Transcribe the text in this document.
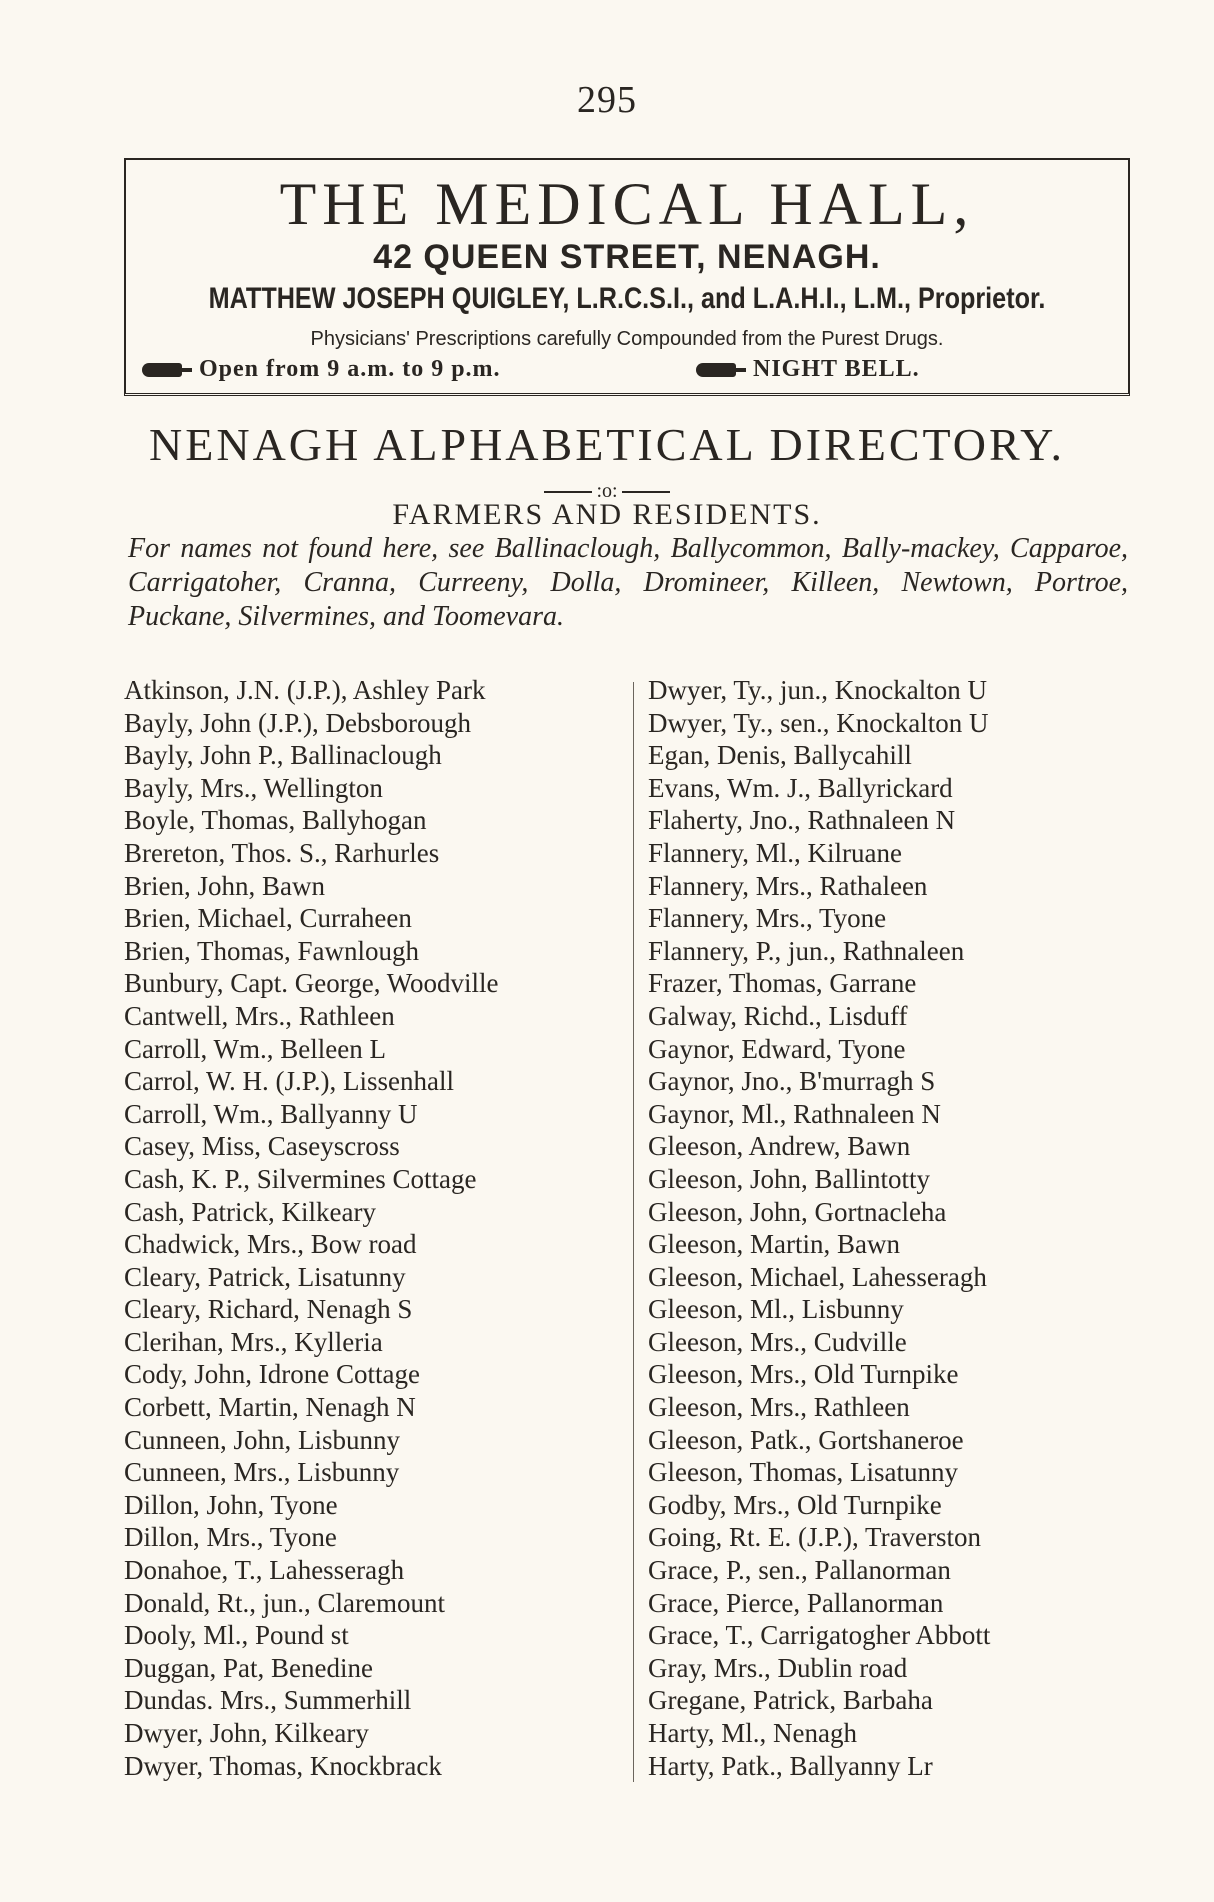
295
THE MEDICAL HALL,
42 QUEEN STREET, NENAGH.
MATTHEW JOSEPH QUIGLEY, L.R.C.S.I., and L.A.H.I., L.M., Proprietor.
Physicians' Prescriptions carefully Compounded from the Purest Drugs.
Open from 9 a.m. to 9 p.m.	NIGHT BELL.
NENAGH ALPHABETICAL DIRECTORY.
:o:
FARMERS AND RESIDENTS.
For names not found here, see Ballinaclough, Ballycommon, Bally-mackey, Capparoe, Carrigatoher, Cranna, Curreeny, Dolla, Dromineer, Killeen, Newtown, Portroe, Puckane, Silvermines, and Toomevara.
Atkinson, J.N. (J.P.), Ashley Park
Bayly, John (J.P.), Debsborough
Bayly, John P., Ballinaclough
Bayly, Mrs., Wellington
Boyle, Thomas, Ballyhogan
Brereton, Thos. S., Rarhurles
Brien, John, Bawn
Brien, Michael, Curraheen
Brien, Thomas, Fawnlough
Bunbury, Capt. George, Woodville
Cantwell, Mrs., Rathleen
Carroll, Wm., Belleen L
Carrol, W. H. (J.P.), Lissenhall
Carroll, Wm., Ballyanny U
Casey, Miss, Caseyscross
Cash, K. P., Silvermines Cottage
Cash, Patrick, Kilkeary
Chadwick, Mrs., Bow road
Cleary, Patrick, Lisatunny
Cleary, Richard, Nenagh S
Clerihan, Mrs., Kylleria
Cody, John, Idrone Cottage
Corbett, Martin, Nenagh N
Cunneen, John, Lisbunny
Cunneen, Mrs., Lisbunny
Dillon, John, Tyone
Dillon, Mrs., Tyone
Donahoe, T., Lahesseragh
Donald, Rt., jun., Claremount
Dooly, Ml., Pound st
Duggan, Pat, Benedine
Dundas. Mrs., Summerhill
Dwyer, John, Kilkeary
Dwyer, Thomas, Knockbrack
Dwyer, Ty., jun., Knockalton U
Dwyer, Ty., sen., Knockalton U
Egan, Denis, Ballycahill
Evans, Wm. J., Ballyrickard
Flaherty, Jno., Rathnaleen N
Flannery, Ml., Kilruane
Flannery, Mrs., Rathaleen
Flannery, Mrs., Tyone
Flannery, P., jun., Rathnaleen
Frazer, Thomas, Garrane
Galway, Richd., Lisduff
Gaynor, Edward, Tyone
Gaynor, Jno., B'murragh S
Gaynor, Ml., Rathnaleen N
Gleeson, Andrew, Bawn
Gleeson, John, Ballintotty
Gleeson, John, Gortnacleha
Gleeson, Martin, Bawn
Gleeson, Michael, Lahesseragh
Gleeson, Ml., Lisbunny
Gleeson, Mrs., Cudville
Gleeson, Mrs., Old Turnpike
Gleeson, Mrs., Rathleen
Gleeson, Patk., Gortshaneroe
Gleeson, Thomas, Lisatunny
Godby, Mrs., Old Turnpike
Going, Rt. E. (J.P.), Traverston
Grace, P., sen., Pallanorman
Grace, Pierce, Pallanorman
Grace, T., Carrigatogher Abbott
Gray, Mrs., Dublin road
Gregane, Patrick, Barbaha
Harty, Ml., Nenagh
Harty, Patk., Ballyanny Lr
